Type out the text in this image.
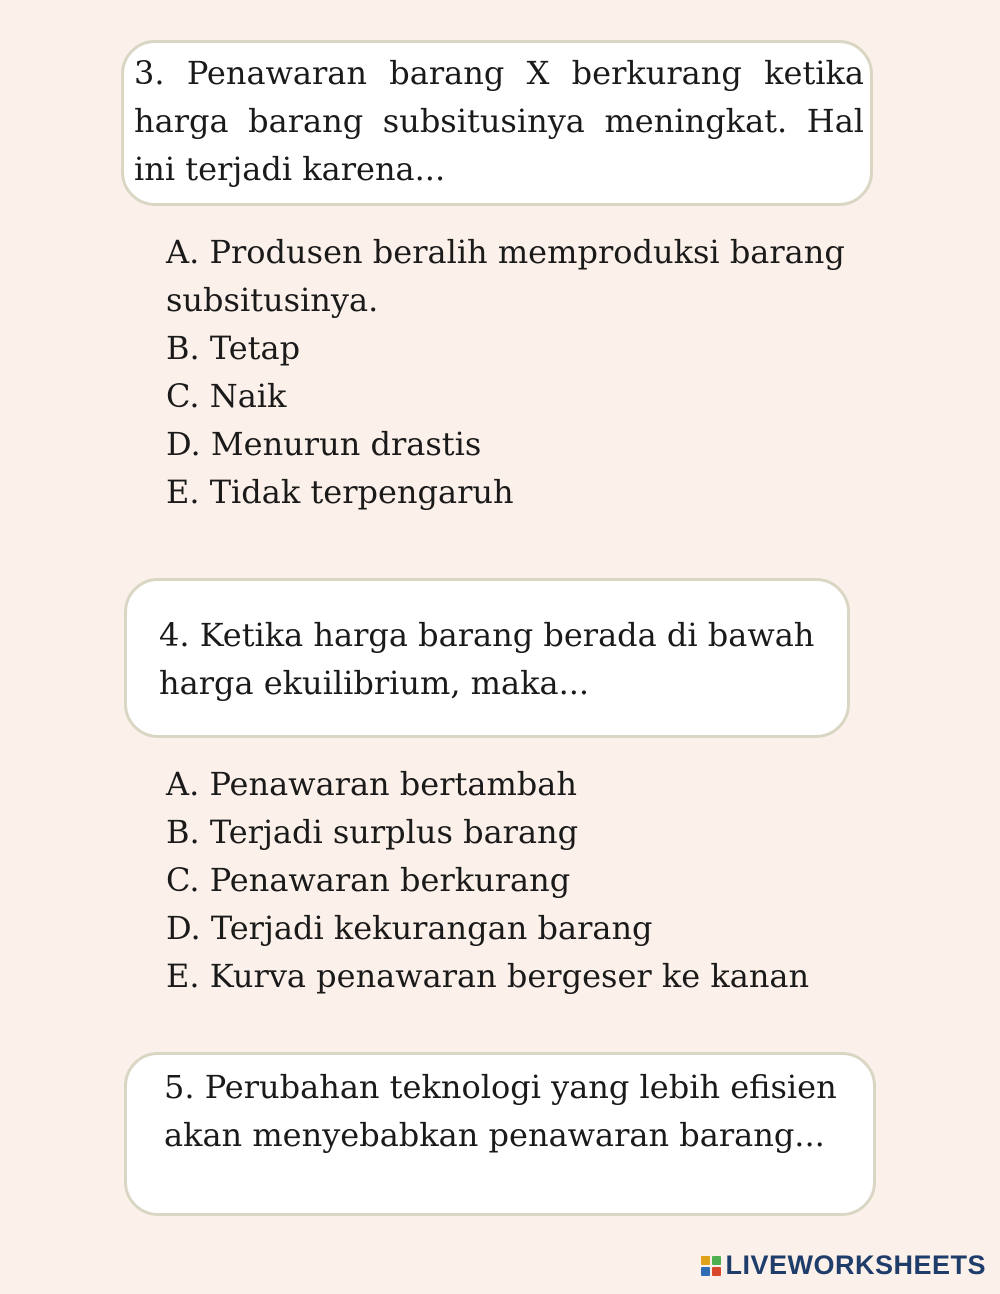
3. Penawaran barang X berkurang ketika harga barang subsitusinya meningkat. Hal ini terjadi karena...
A. Produsen beralih memproduksi barang subsitusinya.
B. Tetap
C. Naik
D. Menurun drastis
E. Tidak terpengaruh
4. Ketika harga barang berada di bawah harga ekuilibrium, maka...
A. Penawaran bertambah
B. Terjadi surplus barang
C. Penawaran berkurang
D. Terjadi kekurangan barang
E. Kurva penawaran bergeser ke kanan
5. Perubahan teknologi yang lebih efisien akan menyebabkan penawaran barang...
LIVEWORKSHEETS
